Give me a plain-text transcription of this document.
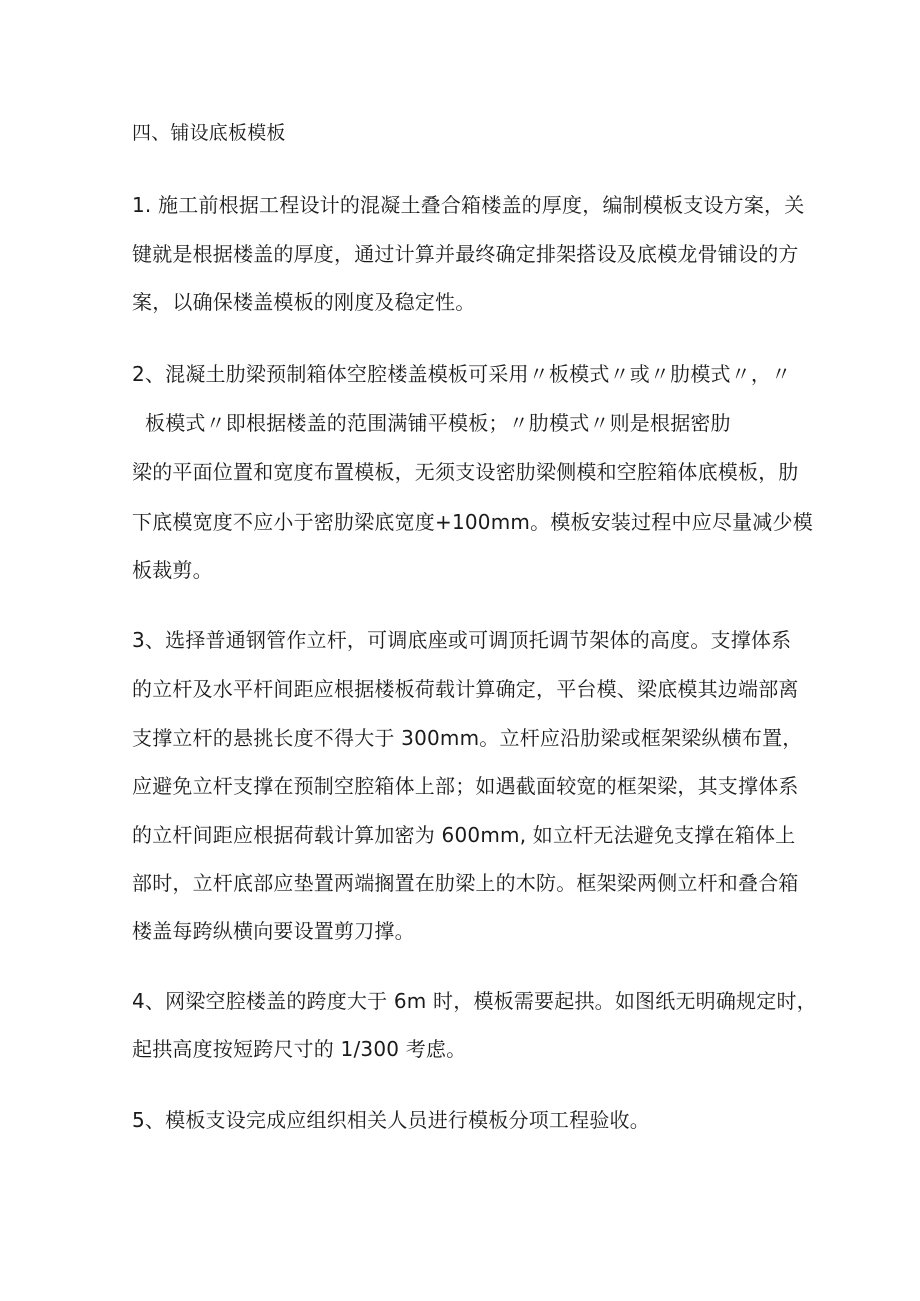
四、铺设底板模板
1. 施工前根据工程设计的混凝土叠合箱楼盖的厚度，编制模板支设方案，关
键就是根据楼盖的厚度，通过计算并最终确定排架搭设及底模龙骨铺设的方
案，以确保楼盖模板的刚度及稳定性。
2、混凝土肋梁预制箱体空腔楼盖模板可采用〃板模式〃或〃肋模式〃，〃
板模式〃即根据楼盖的范围满铺平模板；〃肋模式〃则是根据密肋
梁的平面位置和宽度布置模板，无须支设密肋梁侧模和空腔箱体底模板，肋
下底模宽度不应小于密肋梁底宽度+100mm。模板安装过程中应尽量减少模
板裁剪。
3、选择普通钢管作立杆，可调底座或可调顶托调节架体的高度。支撑体系
的立杆及水平杆间距应根据楼板荷载计算确定，平台模、梁底模其边端部离
支撑立杆的悬挑长度不得大于 300mm。立杆应沿肋梁或框架梁纵横布置，
应避免立杆支撑在预制空腔箱体上部；如遇截面较宽的框架梁，其支撑体系
的立杆间距应根据荷载计算加密为 600mm, 如立杆无法避免支撑在箱体上
部时，立杆底部应垫置两端搁置在肋梁上的木防。框架梁两侧立杆和叠合箱
楼盖每跨纵横向要设置剪刀撑。
4、网梁空腔楼盖的跨度大于 6m 时，模板需要起拱。如图纸无明确规定时，
起拱高度按短跨尺寸的 1/300 考虑。
5、模板支设完成应组织相关人员进行模板分项工程验收。
